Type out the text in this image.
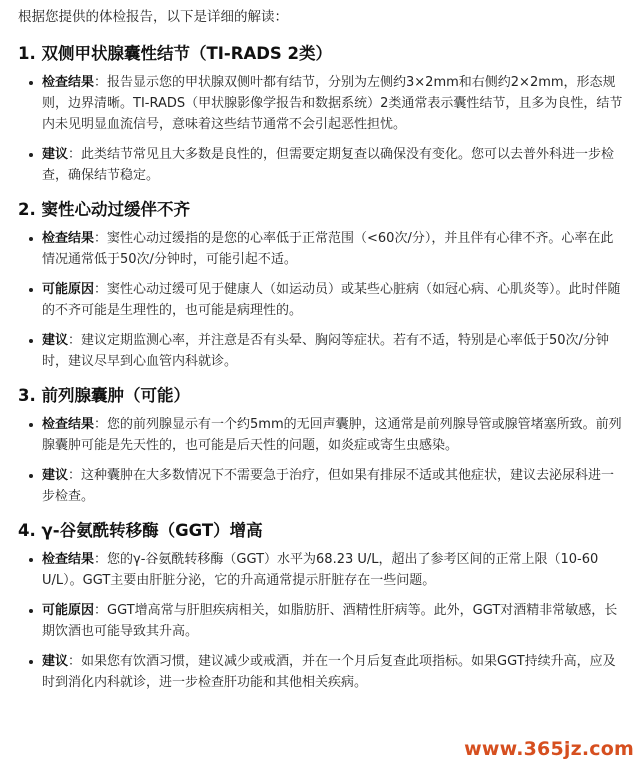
根据您提供的体检报告，以下是详细的解读：

1. 双侧甲状腺囊性结节（TI-RADS 2类）
检查结果：报告显示您的甲状腺双侧叶都有结节，分别为左侧约3×2mm和右侧约2×2mm，形态规则，边界清晰。TI-RADS（甲状腺影像学报告和数据系统）2类通常表示囊性结节，且多为良性，结节内未见明显血流信号，意味着这些结节通常不会引起恶性担忧。
建议：此类结节常见且大多数是良性的，但需要定期复查以确保没有变化。您可以去普外科进一步检查，确保结节稳定。
2. 窦性心动过缓伴不齐
检查结果：窦性心动过缓指的是您的心率低于正常范围（<60次/分），并且伴有心律不齐。心率在此情况通常低于50次/分钟时，可能引起不适。
可能原因：窦性心动过缓可见于健康人（如运动员）或某些心脏病（如冠心病、心肌炎等）。此时伴随的不齐可能是生理性的，也可能是病理性的。
建议：建议定期监测心率，并注意是否有头晕、胸闷等症状。若有不适，特别是心率低于50次/分钟时，建议尽早到心血管内科就诊。
3. 前列腺囊肿（可能）
检查结果：您的前列腺显示有一个约5mm的无回声囊肿，这通常是前列腺导管或腺管堵塞所致。前列腺囊肿可能是先天性的，也可能是后天性的问题，如炎症或寄生虫感染。
建议：这种囊肿在大多数情况下不需要急于治疗，但如果有排尿不适或其他症状，建议去泌尿科进一步检查。
4. γ-谷氨酰转移酶（GGT）增高
检查结果：您的γ-谷氨酰转移酶（GGT）水平为68.23 U/L，超出了参考区间的正常上限（10-60 U/L）。GGT主要由肝脏分泌，它的升高通常提示肝脏存在一些问题。
可能原因：GGT增高常与肝胆疾病相关，如脂肪肝、酒精性肝病等。此外，GGT对酒精非常敏感，长期饮酒也可能导致其升高。
建议：如果您有饮酒习惯，建议减少或戒酒，并在一个月后复查此项指标。如果GGT持续升高，应及时到消化内科就诊，进一步检查肝功能和其他相关疾病。
www.365jz.com
